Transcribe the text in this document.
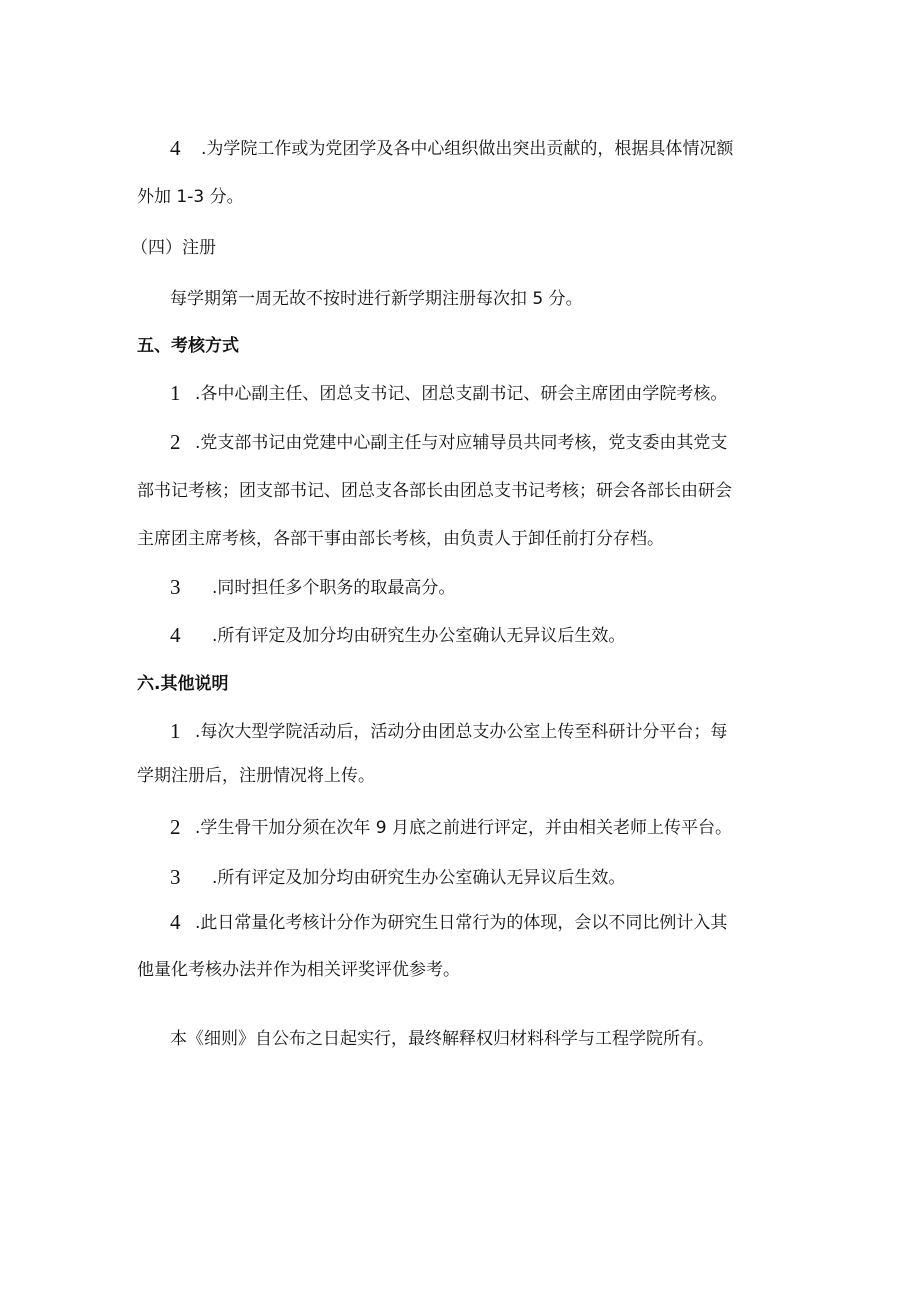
4 .为学院工作或为党团学及各中心组织做出突出贡献的，根据具体情况额
外加 1-3 分。
（四）注册
每学期第一周无故不按时进行新学期注册每次扣 5 分。
五、考核方式
1 .各中心副主任、团总支书记、团总支副书记、研会主席团由学院考核。
2 .党支部书记由党建中心副主任与对应辅导员共同考核，党支委由其党支
部书记考核；团支部书记、团总支各部长由团总支书记考核；研会各部长由研会
主席团主席考核，各部干事由部长考核，由负责人于卸任前打分存档。
3 .同时担任多个职务的取最高分。
4 .所有评定及加分均由研究生办公室确认无异议后生效。
六.其他说明
1 .每次大型学院活动后，活动分由团总支办公室上传至科研计分平台；每
学期注册后，注册情况将上传。
2 .学生骨干加分须在次年 9 月底之前进行评定，并由相关老师上传平台。
3 .所有评定及加分均由研究生办公室确认无异议后生效。
4 .此日常量化考核计分作为研究生日常行为的体现，会以不同比例计入其
他量化考核办法并作为相关评奖评优参考。
本《细则》自公布之日起实行，最终解释权归材料科学与工程学院所有。
